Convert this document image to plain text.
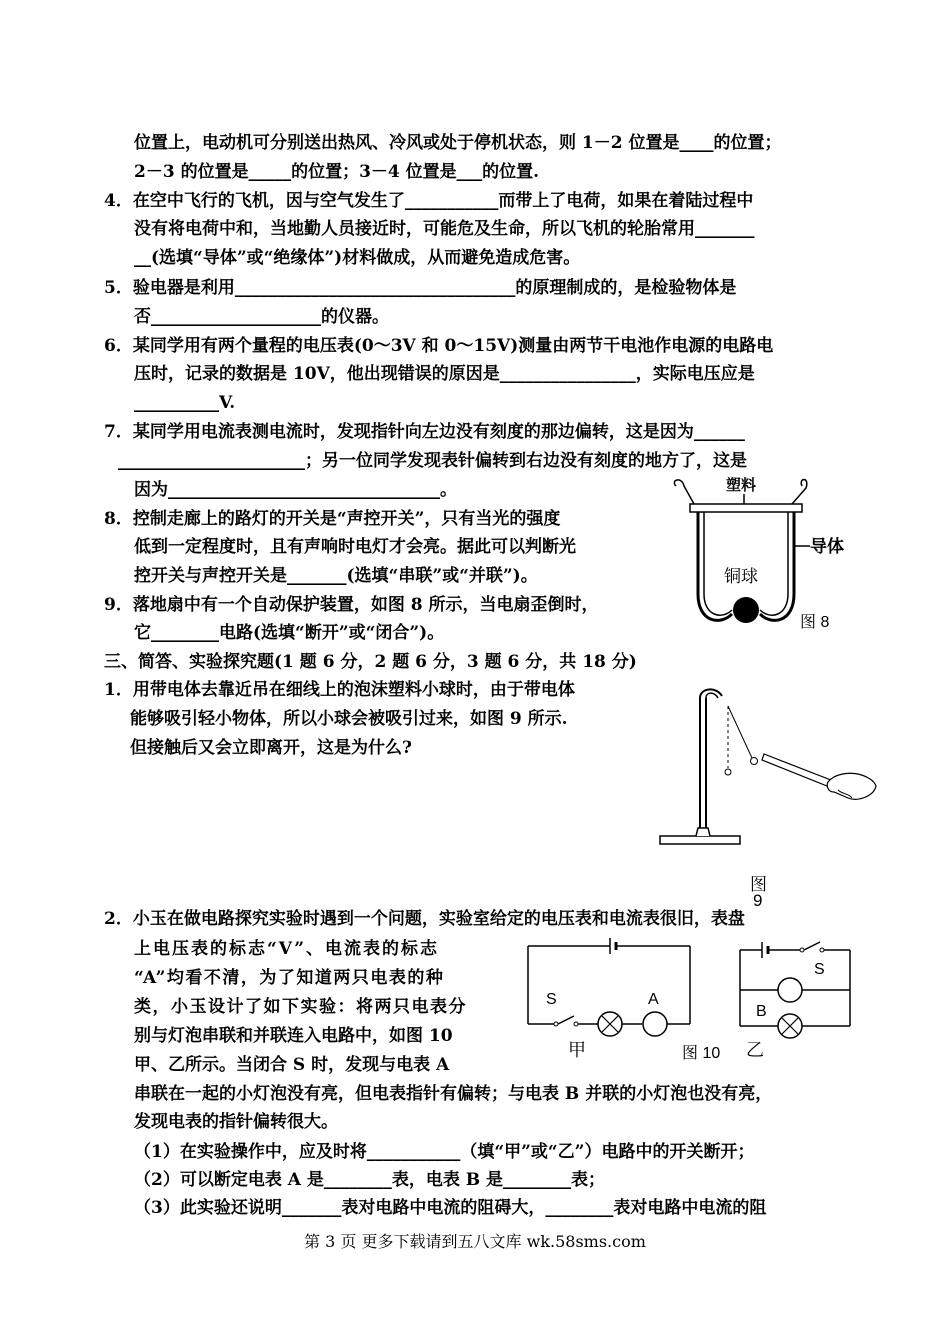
位置上，电动机可分别送出热风、冷风或处于停机状态，则 1－2 位置是____的位置；
2－3 的位置是_____的位置；3－4 位置是___的位置.
4．在空中飞行的飞机，因与空气发生了___________而带上了电荷，如果在着陆过程中
没有将电荷中和，当地勤人员接近时，可能危及生命，所以飞机的轮胎常用_______
__(选填“导体”或“绝缘体”)材料做成，从而避免造成危害。
5．验电器是利用_________________________________的原理制成的，是检验物体是
否____________________的仪器。
6．某同学用有两个量程的电压表(0～3V 和 0～15V)测量由两节干电池作电源的电路电
压时，记录的数据是 10V，他出现错误的原因是________________，实际电压应是
__________V.
7．某同学用电流表测电流时，发现指针向左边没有刻度的那边偏转，这是因为______
______________________；另一位同学发现表针偏转到右边没有刻度的地方了，这是
因为________________________________。
8．控制走廊上的路灯的开关是“声控开关”，只有当光的强度
低到一定程度时，且有声响时电灯才会亮。据此可以判断光
控开关与声控开关是_______(选填“串联”或“并联”)。
9．落地扇中有一个自动保护装置，如图 8 所示，当电扇歪倒时，
它________电路(选填“断开”或“闭合”)。
三、简答、实验探究题(1 题 6 分，2 题 6 分，3 题 6 分，共 18 分)
1．用带电体去靠近吊在细线上的泡沫塑料小球时，由于带电体
能够吸引轻小物体，所以小球会被吸引过来，如图 9 所示.
但接触后又会立即离开，这是为什么?
2．小玉在做电路探究实验时遇到一个问题，实验室给定的电压表和电流表很旧，表盘
上电压表的标志“V”、电流表的标志
“A”均看不清，为了知道两只电表的种
类，小玉设计了如下实验：将两只电表分
别与灯泡串联和并联连入电路中，如图 10
甲、乙所示。当闭合 S 时，发现与电表 A
串联在一起的小灯泡没有亮，但电表指针有偏转；与电表 B 并联的小灯泡也没有亮，
发现电表的指针偏转很大。
（1）在实验操作中，应及时将___________（填“甲”或“乙”）电路中的开关断开；
（2）可以断定电表 A 是________表，电表 B 是________表；
（3）此实验还说明_______表对电路中电流的阻碍大，________表对电路中电流的阻
塑料
导体
铜球
图 8
图
9
S	A
甲	图 10
S
B
乙
第 3 页 更多下载请到五八文库 wk.58sms.com
